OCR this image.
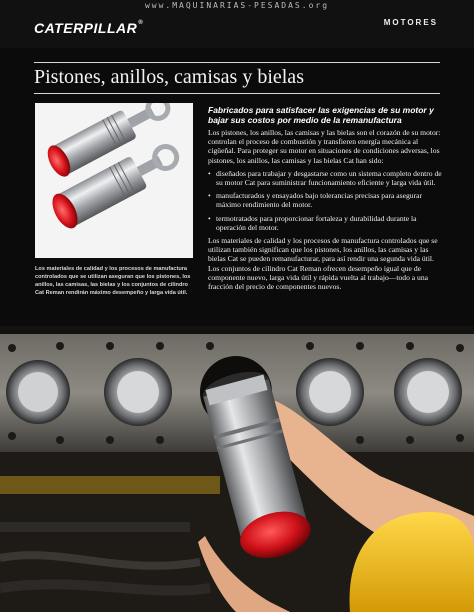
www.MAQUINARIAS-PESADAS.org
CATERPILLAR®	MOTORES
Pistones, anillos, camisas y bielas
Los materiales de calidad y los procesos de manufactura controlados que se utilizan aseguran que los pistones, los anillos, las camisas, las bielas y los conjuntos de cilindro Cat Reman rendirán máximo desempeño y larga vida útil.
Fabricados para satisfacer las exigencias de su motor y bajar sus costos por medio de la remanufactura

Los pistones, los anillos, las camisas y las bielas son el corazón de su motor: controlan el proceso de combustión y transfieren energía mecánica al cigüeñal. Para proteger su motor en situaciones de condiciones adversas, los pistones, los anillos, las camisas y las bielas Cat han sido:

• diseñados para trabajar y desgastarse como un sistema completo dentro de su motor Cat para suministrar funcionamiento eficiente y larga vida útil.
• manufacturados y ensayados bajo tolerancias precisas para asegurar máximo rendimiento del motor.
• termotratados para proporcionar fortaleza y durabilidad durante la operación del motor.

Los materiales de calidad y los procesos de manufactura controlados que se utilizan también significan que los pistones, los anillos, las camisas y las bielas Cat se pueden remanufacturar, para así rendir una segunda vida útil. Los conjuntos de cilindro Cat Reman ofrecen desempeño igual que de componente nuevo, larga vida útil y rápida vuelta al trabajo—todo a una fracción del precio de componentes nuevos.
